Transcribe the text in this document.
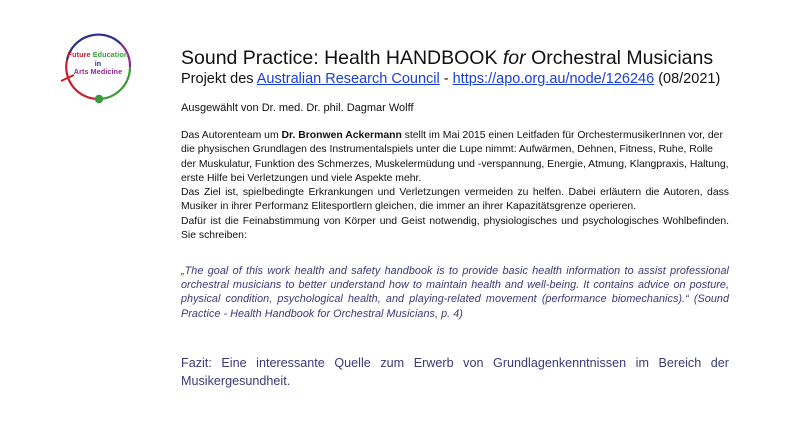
Future Education
in
Arts Medicine
Sound Practice: Health HANDBOOK for Orchestral Musicians
Projekt des Australian Research Council - https://apo.org.au/node/126246 (08/2021)
Ausgewählt von Dr. med. Dr. phil. Dagmar Wolff

Das Autorenteam um Dr. Bronwen Ackermann stellt im Mai 2015 einen Leitfaden für OrchestermusikerInnen vor, der die physischen Grundlagen des Instrumentalspiels unter die Lupe nimmt: Aufwärmen, Dehnen, Fitness, Ruhe, Rolle der Muskulatur, Funktion des Schmerzes, Muskelermüdung und -verspannung, Energie, Atmung, Klangpraxis, Haltung, erste Hilfe bei Verletzungen und viele Aspekte mehr.

Das Ziel ist, spielbedingte Erkrankungen und Verletzungen vermeiden zu helfen. Dabei erläutern die Autoren, dass Musiker in ihrer Performanz Elitesportlern gleichen, die immer an ihrer Kapazitätsgrenze operieren.

Dafür ist die Feinabstimmung von Körper und Geist notwendig, physiologisches und psychologisches Wohlbefinden. Sie schreiben:

„The goal of this work health and safety handbook is to provide basic health information to assist professional orchestral musicians to better understand how to maintain health and well-being. It contains advice on posture, physical condition, psychological health, and playing-related movement (performance biomechanics).“ (Sound Practice - Health Handbook for Orchestral Musicians, p. 4)
Fazit: Eine interessante Quelle zum Erwerb von Grundlagenkenntnissen im Bereich der Musikergesundheit.
